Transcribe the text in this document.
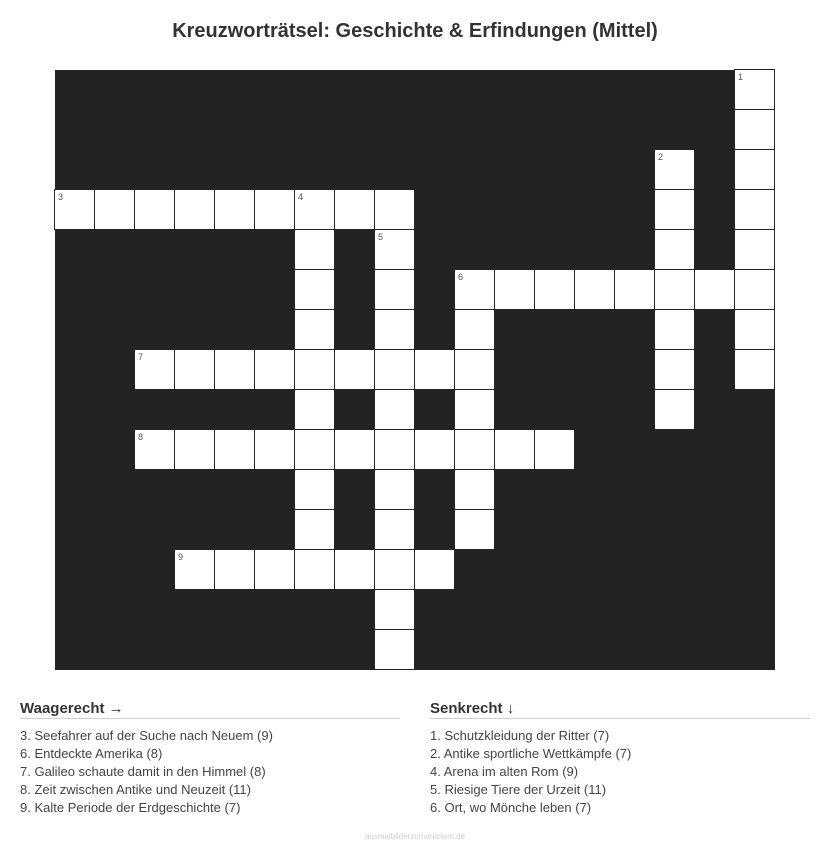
Kreuzworträtsel: Geschichte & Erfindungen (Mittel)
1
2
3	4
5
6
7
8
9
Waagerecht →
3. Seefahrer auf der Suche nach Neuem (9)
6. Entdeckte Amerika (8)
7. Galileo schaute damit in den Himmel (8)
8. Zeit zwischen Antike und Neuzeit (11)
9. Kalte Periode der Erdgeschichte (7)
Senkrecht ↓
1. Schutzkleidung der Ritter (7)
2. Antike sportliche Wettkämpfe (7)
4. Arena im alten Rom (9)
5. Riesige Tiere der Urzeit (11)
6. Ort, wo Mönche leben (7)
ausmalbilderzumdrucken.de
